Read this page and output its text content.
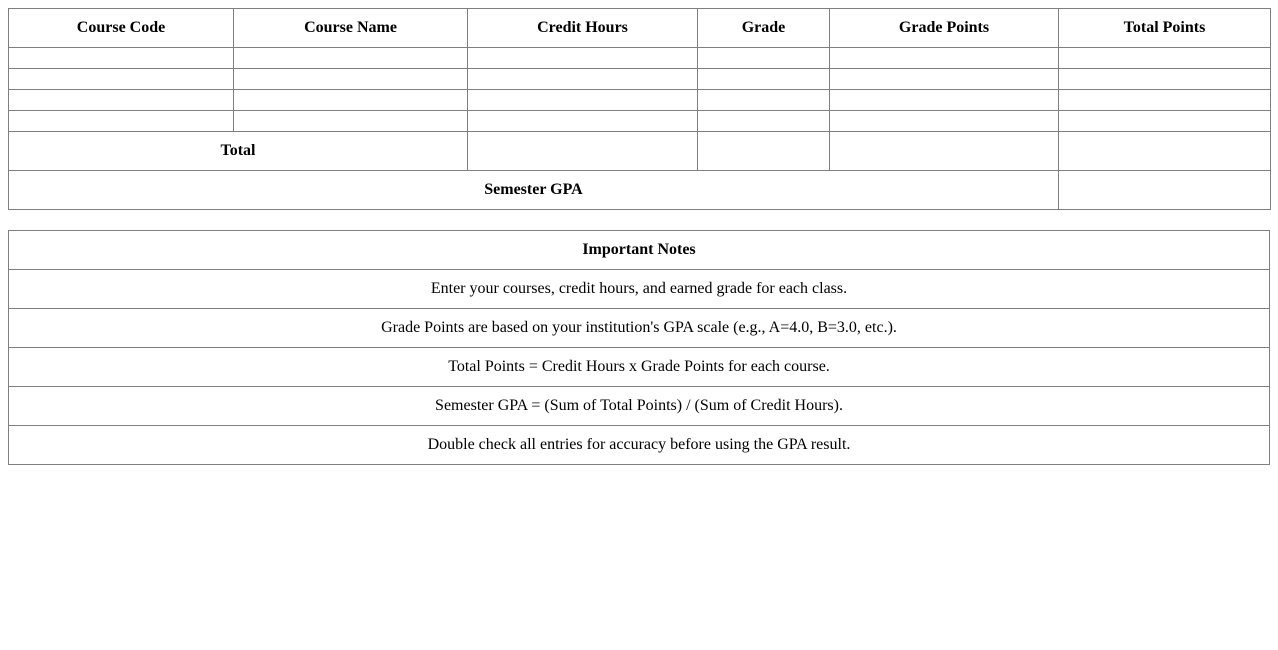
Course Code	Course Name	Credit Hours	Grade	Grade Points	Total Points

Total					
Semester GPA					
Important Notes
Enter your courses, credit hours, and earned grade for each class.
Grade Points are based on your institution's GPA scale (e.g., A=4.0, B=3.0, etc.).
Total Points = Credit Hours x Grade Points for each course.
Semester GPA = (Sum of Total Points) / (Sum of Credit Hours).
Double check all entries for accuracy before using the GPA result.
